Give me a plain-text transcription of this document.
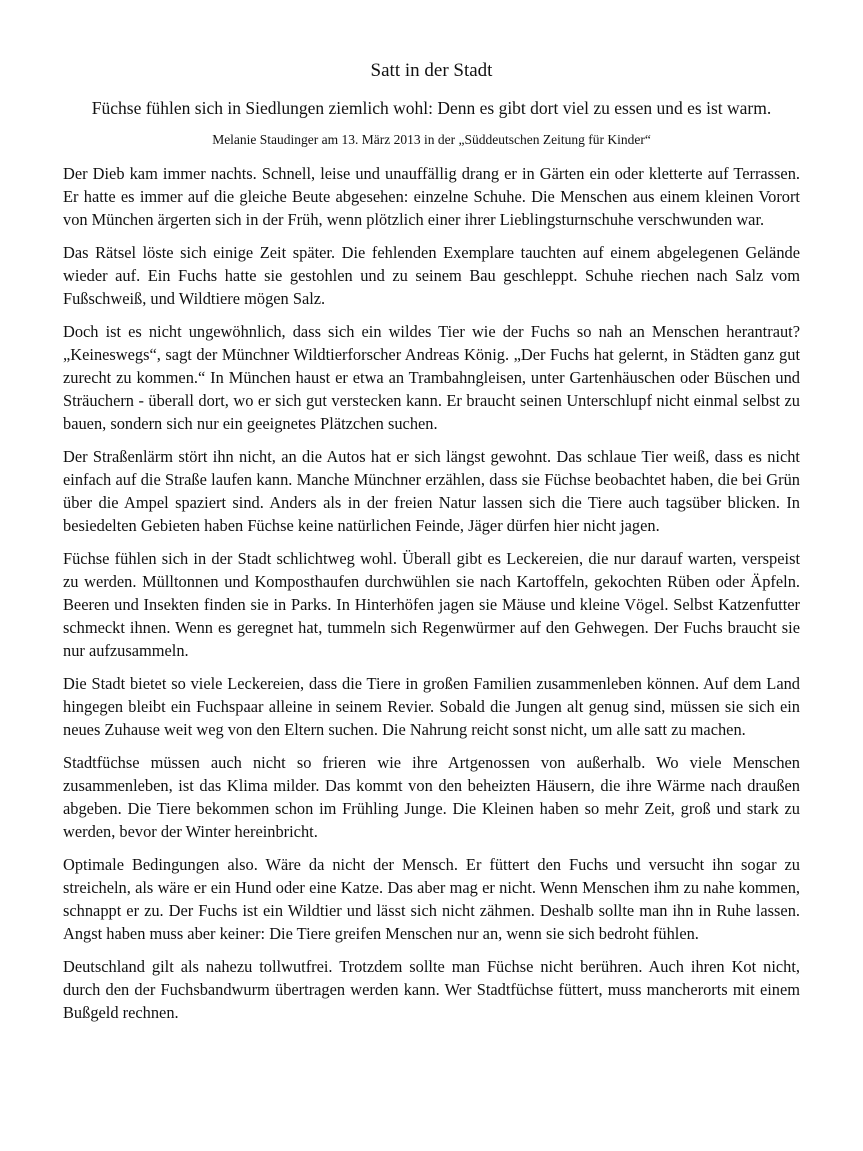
Satt in der Stadt
Füchse fühlen sich in Siedlungen ziemlich wohl: Denn es gibt dort viel zu essen und es ist warm.
Melanie Staudinger am 13. März 2013 in der „Süddeutschen Zeitung für Kinder“

Der Dieb kam immer nachts. Schnell, leise und unauffällig drang er in Gärten ein oder kletterte auf Terrassen. Er hatte es immer auf die gleiche Beute abgesehen: einzelne Schuhe. Die Menschen aus einem kleinen Vorort von München ärgerten sich in der Früh, wenn plötzlich einer ihrer Lieblingsturnschuhe verschwunden war.

Das Rätsel löste sich einige Zeit später. Die fehlenden Exemplare tauchten auf einem abgelegenen Gelände wieder auf. Ein Fuchs hatte sie gestohlen und zu seinem Bau geschleppt. Schuhe riechen nach Salz vom Fußschweiß, und Wildtiere mögen Salz.

Doch ist es nicht ungewöhnlich, dass sich ein wildes Tier wie der Fuchs so nah an Menschen herantraut? „Keineswegs“, sagt der Münchner Wildtierforscher Andreas König. „Der Fuchs hat gelernt, in Städten ganz gut zurecht zu kommen.“ In München haust er etwa an Trambahngleisen, unter Gartenhäuschen oder Büschen und Sträuchern - überall dort, wo er sich gut verstecken kann. Er braucht seinen Unterschlupf nicht einmal selbst zu bauen, sondern sich nur ein geeignetes Plätzchen suchen.

Der Straßenlärm stört ihn nicht, an die Autos hat er sich längst gewohnt. Das schlaue Tier weiß, dass es nicht einfach auf die Straße laufen kann. Manche Münchner erzählen, dass sie Füchse beobachtet haben, die bei Grün über die Ampel spaziert sind. Anders als in der freien Natur lassen sich die Tiere auch tagsüber blicken. In besiedelten Gebieten haben Füchse keine natürlichen Feinde, Jäger dürfen hier nicht jagen.

Füchse fühlen sich in der Stadt schlichtweg wohl. Überall gibt es Leckereien, die nur darauf warten, verspeist zu werden. Mülltonnen und Komposthaufen durchwühlen sie nach Kartoffeln, gekochten Rüben oder Äpfeln. Beeren und Insekten finden sie in Parks. In Hinterhöfen jagen sie Mäuse und kleine Vögel. Selbst Katzenfutter schmeckt ihnen. Wenn es geregnet hat, tummeln sich Regenwürmer auf den Gehwegen. Der Fuchs braucht sie nur aufzusammeln.

Die Stadt bietet so viele Leckereien, dass die Tiere in großen Familien zusammenleben können. Auf dem Land hingegen bleibt ein Fuchspaar alleine in seinem Revier. Sobald die Jungen alt genug sind, müssen sie sich ein neues Zuhause weit weg von den Eltern suchen. Die Nahrung reicht sonst nicht, um alle satt zu machen.

Stadtfüchse müssen auch nicht so frieren wie ihre Artgenossen von außerhalb. Wo viele Menschen zusammenleben, ist das Klima milder. Das kommt von den beheizten Häusern, die ihre Wärme nach draußen abgeben. Die Tiere bekommen schon im Frühling Junge. Die Kleinen haben so mehr Zeit, groß und stark zu werden, bevor der Winter hereinbricht.

Optimale Bedingungen also. Wäre da nicht der Mensch. Er füttert den Fuchs und versucht ihn sogar zu streicheln, als wäre er ein Hund oder eine Katze. Das aber mag er nicht. Wenn Menschen ihm zu nahe kommen, schnappt er zu. Der Fuchs ist ein Wildtier und lässt sich nicht zähmen. Deshalb sollte man ihn in Ruhe lassen. Angst haben muss aber keiner: Die Tiere greifen Menschen nur an, wenn sie sich bedroht fühlen.

Deutschland gilt als nahezu tollwutfrei. Trotzdem sollte man Füchse nicht berühren. Auch ihren Kot nicht, durch den der Fuchsbandwurm übertragen werden kann. Wer Stadtfüchse füttert, muss mancherorts mit einem Bußgeld rechnen.
